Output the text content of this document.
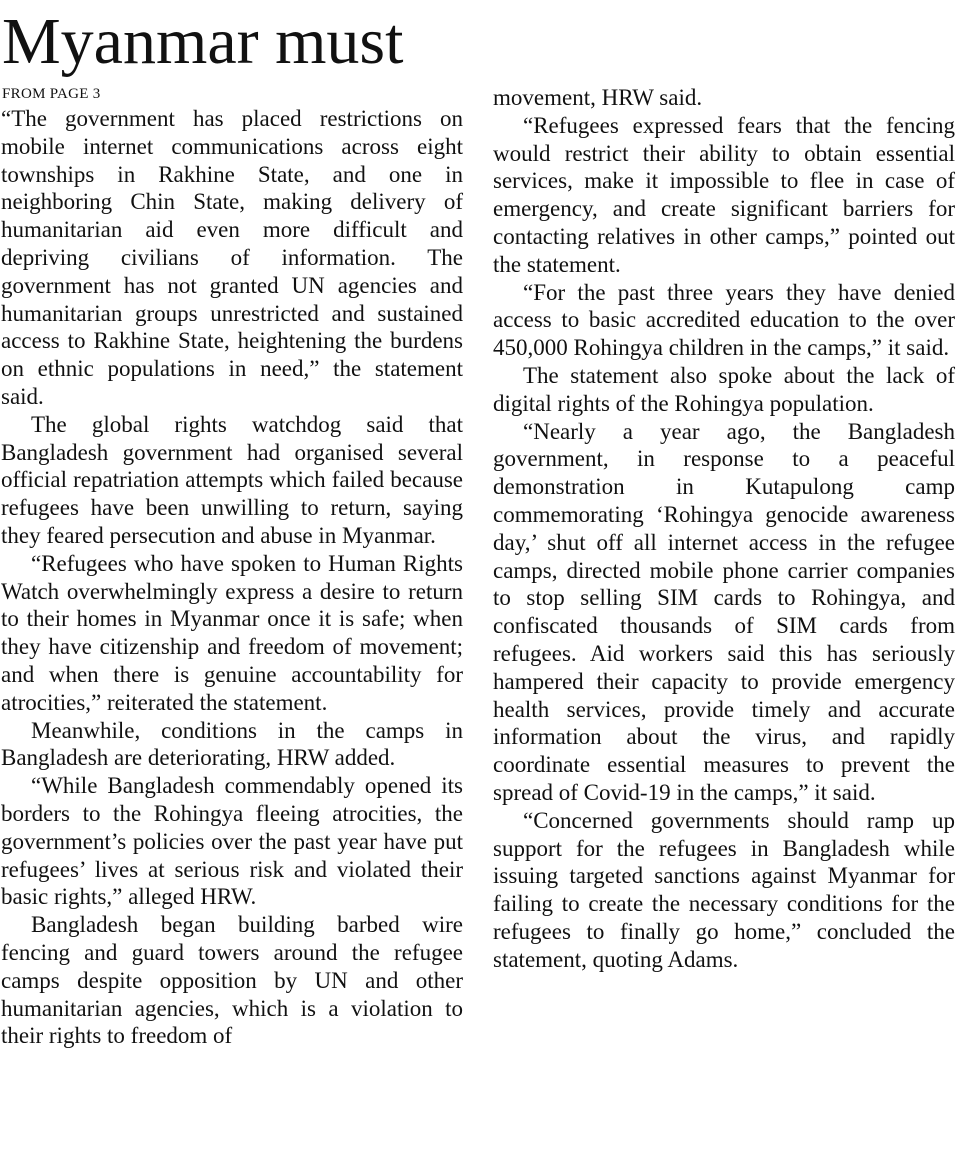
Myanmar must
FROM PAGE 3

“The government has placed restrictions on mobile internet communications across eight townships in Rakhine State, and one in neighboring Chin State, making delivery of humanitarian aid even more difficult and depriving civilians of information. The government has not granted UN agencies and humanitarian groups unrestricted and sustained access to Rakhine State, heightening the burdens on ethnic populations in need,” the statement said.

The global rights watchdog said that Bangladesh government had organised several official repatriation attempts which failed because refugees have been unwilling to return, saying they feared persecution and abuse in Myanmar.

“Refugees who have spoken to Human Rights Watch overwhelmingly express a desire to return to their homes in Myanmar once it is safe; when they have citizenship and freedom of movement; and when there is genuine accountability for atrocities,” reiterated the statement.

Meanwhile, conditions in the camps in Bangladesh are deteriorating, HRW added.

“While Bangladesh commendably opened its borders to the Rohingya fleeing atrocities, the government’s policies over the past year have put refugees’ lives at serious risk and violated their basic rights,” alleged HRW.

Bangladesh began building barbed wire fencing and guard towers around the refugee camps despite opposition by UN and other humanitarian agencies, which is a violation to their rights to freedom of

movement, HRW said.

“Refugees expressed fears that the fencing would restrict their ability to obtain essential services, make it impossible to flee in case of emergency, and create significant barriers for contacting relatives in other camps,” pointed out the statement.

“For the past three years they have denied access to basic accredited education to the over 450,000 Rohingya children in the camps,” it said.

The statement also spoke about the lack of digital rights of the Rohingya population.

“Nearly a year ago, the Bangladesh government, in response to a peaceful demonstration in Kutapulong camp commemorating ‘Rohingya genocide awareness day,’ shut off all internet access in the refugee camps, directed mobile phone carrier companies to stop selling SIM cards to Rohingya, and confiscated thousands of SIM cards from refugees. Aid workers said this has seriously hampered their capacity to provide emergency health services, provide timely and accurate information about the virus, and rapidly coordinate essential measures to prevent the spread of Covid-19 in the camps,” it said.

“Concerned governments should ramp up support for the refugees in Bangladesh while issuing targeted sanctions against Myanmar for failing to create the necessary conditions for the refugees to finally go home,” concluded the statement, quoting Adams.
